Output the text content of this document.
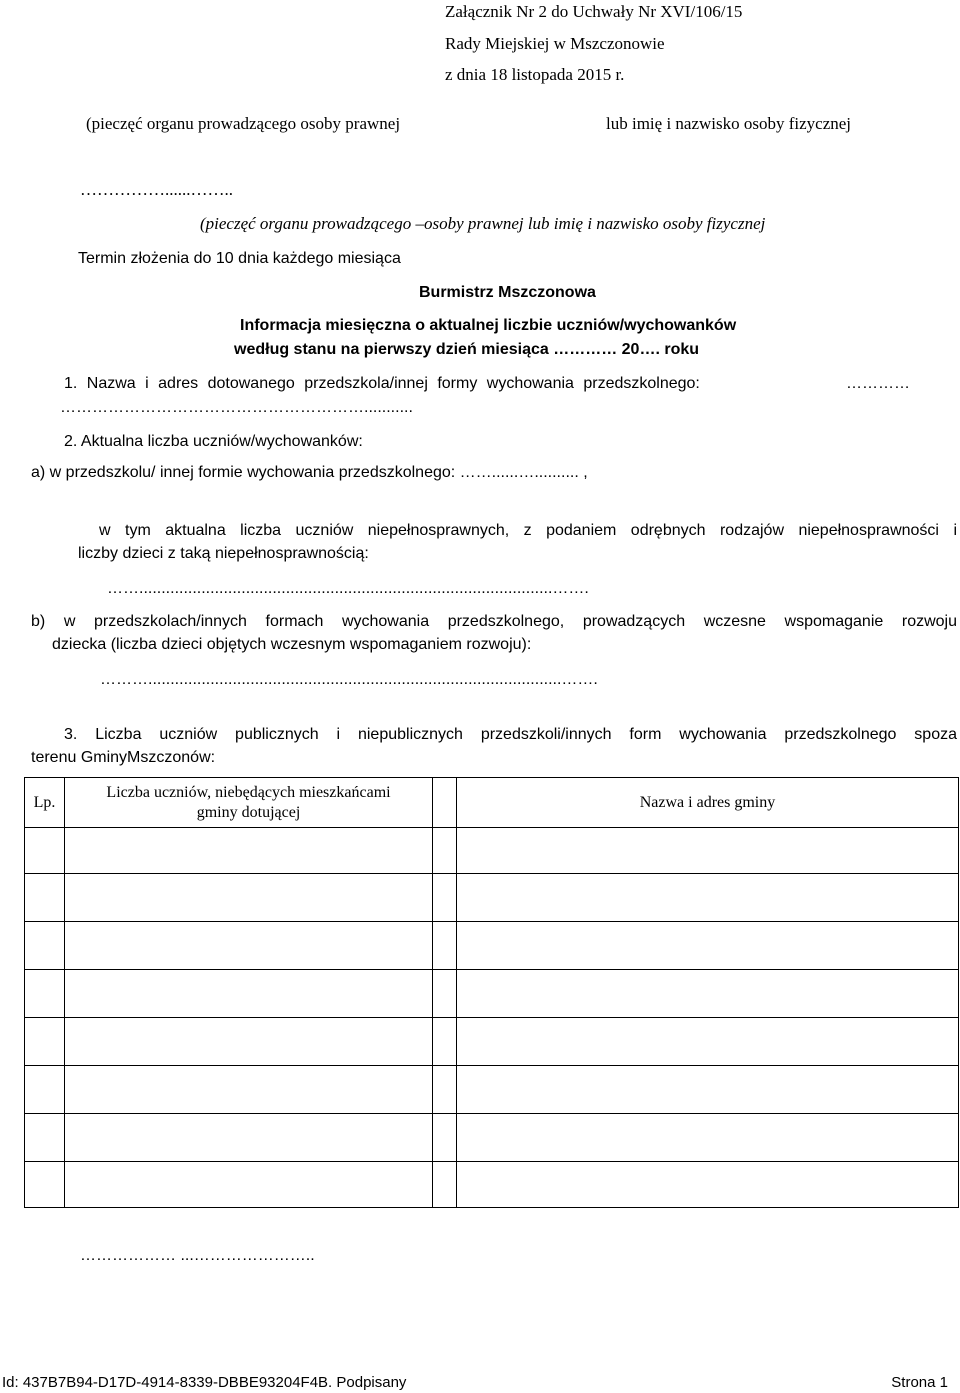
Załącznik Nr 2 do Uchwały Nr XVI/106/15
Rady Miejskiej w Mszczonowie
z dnia 18 listopada 2015 r.
(pieczęć organu prowadzącego osoby prawnej	lub imię i nazwisko osoby fizycznej
……………......……..
(pieczęć organu prowadzącego –osoby prawnej lub imię i nazwisko osoby fizycznej
Termin złożenia do 10 dnia każdego miesiąca
Burmistrz Mszczonowa
Informacja miesięczna o aktualnej liczbie uczniów/wychowanków
według stanu na pierwszy dzień miesiąca ………… 20…. roku
1. Nazwa i adres dotowanego przedszkola/innej formy wychowania przedszkolnego:	…………
…………………………………………………...........
2. Aktualna liczba uczniów/wychowanków:
a) w przedszkolu/ innej formie wychowania przedszkolnego: ……......….......... ,
w tym aktualna liczba uczniów niepełnosprawnych, z podaniem odrębnych rodzajów niepełnosprawności i
liczby dzieci z taką niepełnosprawnością:
…….............................................................................................…….
b) w przedszkolach/innych formach wychowania przedszkolnego, prowadzących wczesne wspomaganie rozwoju
dziecka (liczba dzieci objętych wczesnym wspomaganiem rozwoju):
……….............................................................................................…….
3. Liczba uczniów publicznych i niepublicznych przedszkoli/innych form wychowania przedszkolnego spoza
terenu GminyMszczonów:
Lp.	Liczba uczniów, niebędących mieszkańcami
gminy dotującej		Nazwa i adres gminy

……………… ...…………………..
Id: 437B7B94-D17D-4914-8339-DBBE93204F4B. Podpisany	Strona 1
